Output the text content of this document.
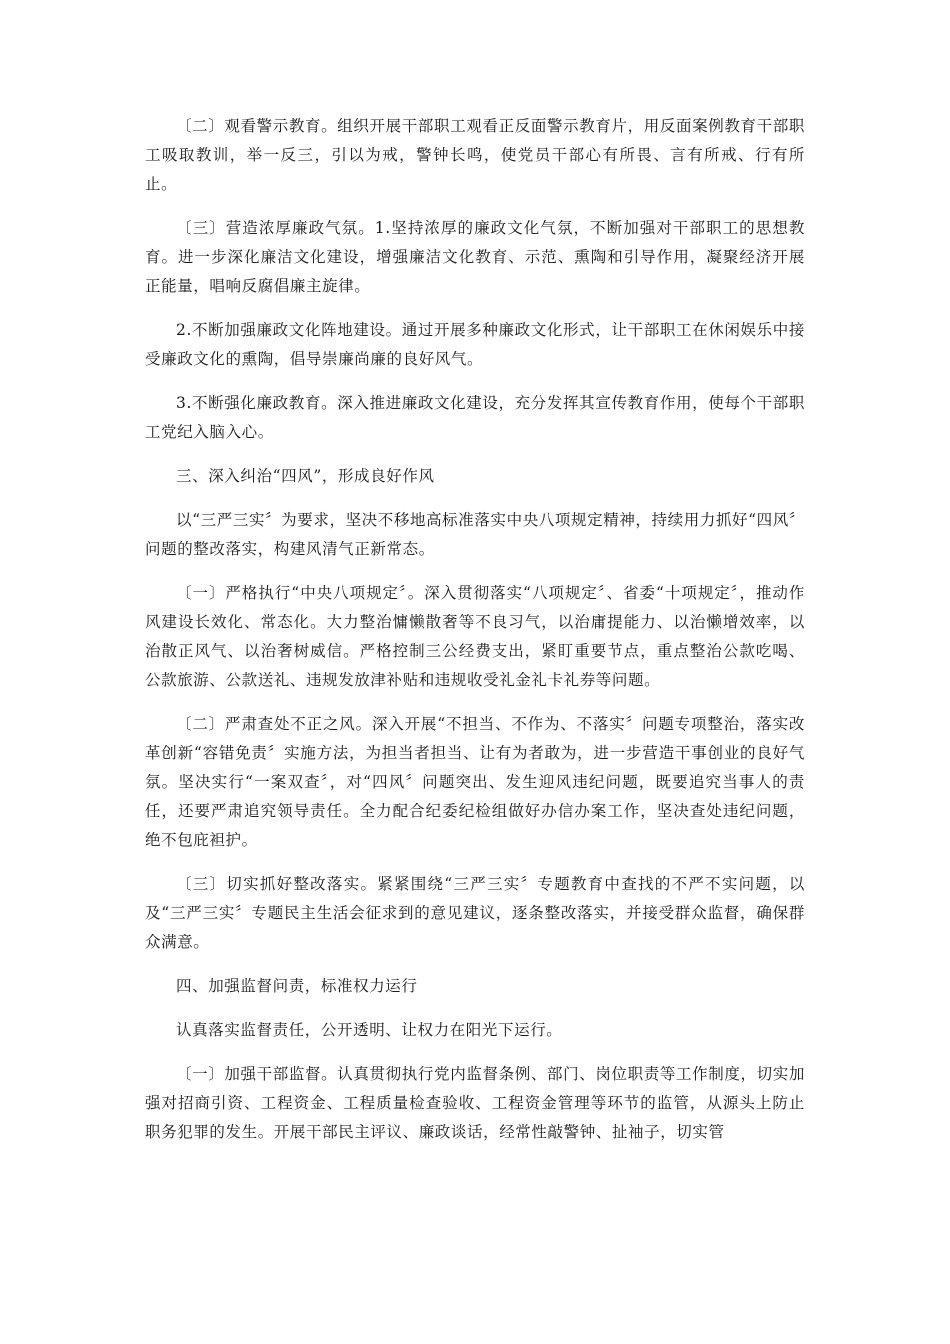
〔二〕观看警示教育。组织开展干部职工观看正反面警示教育片，用反面案例教育干部职工吸取教训，举一反三，引以为戒，警钟长鸣，使党员干部心有所畏、言有所戒、行有所止。

〔三〕营造浓厚廉政气氛。1.坚持浓厚的廉政文化气氛，不断加强对干部职工的思想教育。进一步深化廉洁文化建设，增强廉洁文化教育、示范、熏陶和引导作用，凝聚经济开展正能量，唱响反腐倡廉主旋律。

2.不断加强廉政文化阵地建设。通过开展多种廉政文化形式，让干部职工在休闲娱乐中接受廉政文化的熏陶，倡导崇廉尚廉的良好风气。

3.不断强化廉政教育。深入推进廉政文化建设，充分发挥其宣传教育作用，使每个干部职工党纪入脑入心。

三、深入纠治“四风”，形成良好作风

以“三严三实〞为要求，坚决不移地高标准落实中央八项规定精神，持续用力抓好“四风〞问题的整改落实，构建风清气正新常态。

〔一〕严格执行“中央八项规定〞。深入贯彻落实“八项规定〞、省委“十项规定〞，推动作风建设长效化、常态化。大力整治慵懒散奢等不良习气，以治庸提能力、以治懒增效率，以治散正风气、以治奢树威信。严格控制三公经费支出，紧盯重要节点，重点整治公款吃喝、公款旅游、公款送礼、违规发放津补贴和违规收受礼金礼卡礼券等问题。

〔二〕严肃查处不正之风。深入开展“不担当、不作为、不落实〞问题专项整治，落实改革创新“容错免责〞实施方法，为担当者担当、让有为者敢为，进一步营造干事创业的良好气氛。坚决实行“一案双查〞，对“四风〞问题突出、发生迎风违纪问题，既要追究当事人的责任，还要严肃追究领导责任。全力配合纪委纪检组做好办信办案工作，坚决查处违纪问题，绝不包庇袒护。

〔三〕切实抓好整改落实。紧紧围绕“三严三实〞专题教育中查找的不严不实问题，以及“三严三实〞专题民主生活会征求到的意见建议，逐条整改落实，并接受群众监督，确保群众满意。

四、加强监督问责，标准权力运行

认真落实监督责任，公开透明、让权力在阳光下运行。

〔一〕加强干部监督。认真贯彻执行党内监督条例、部门、岗位职责等工作制度，切实加强对招商引资、工程资金、工程质量检查验收、工程资金管理等环节的监管，从源头上防止职务犯罪的发生。开展干部民主评议、廉政谈话，经常性敲警钟、扯袖子，切实管
